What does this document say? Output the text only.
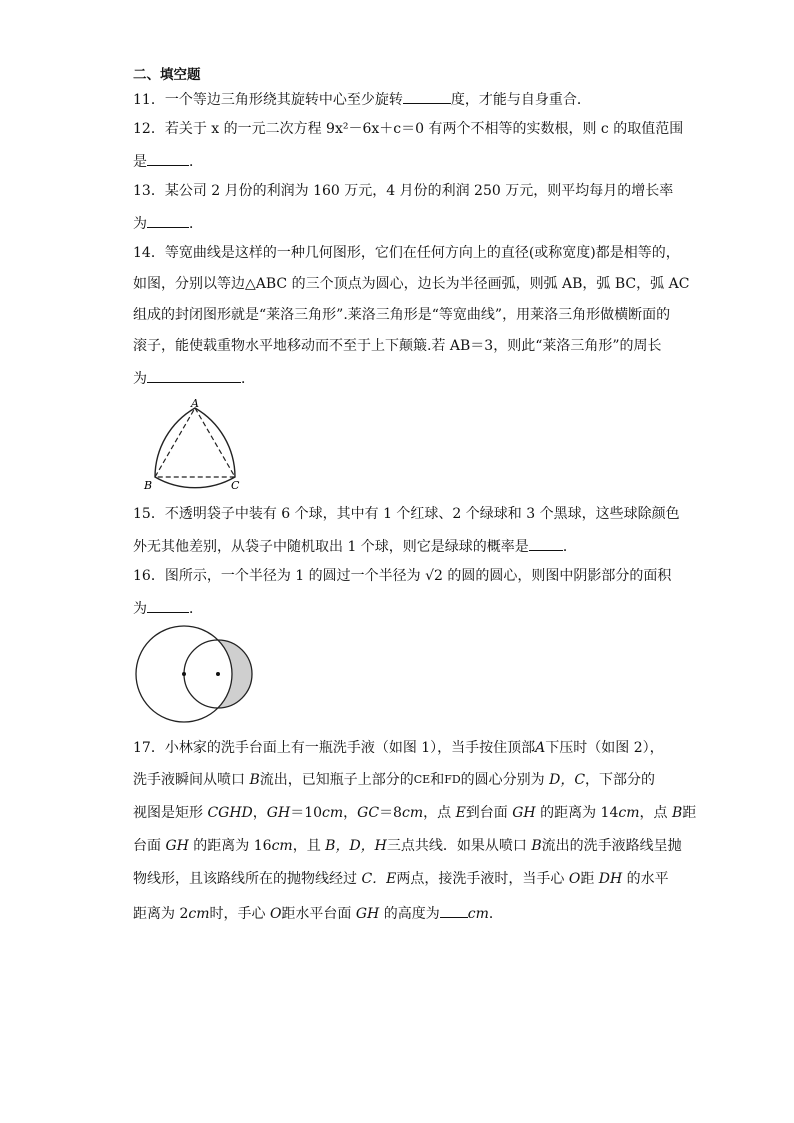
二、填空题
11．一个等边三角形绕其旋转中心至少旋转	度，才能与自身重合．
12．若关于 x 的一元二次方程 9x²－6x＋c＝0 有两个不相等的实数根，则 c 的取值范围
是	．
13．某公司 2 月份的利润为 160 万元，4 月份的利润 250 万元，则平均每月的增长率
为	．
14．等宽曲线是这样的一种几何图形，它们在任何方向上的直径(或称宽度)都是相等的，
如图，分别以等边△ABC 的三个顶点为圆心，边长为半径画弧，则弧 AB，弧 BC，弧 AC
组成的封闭图形就是“莱洛三角形”.莱洛三角形是“等宽曲线”，用莱洛三角形做横断面的
滚子，能使载重物水平地移动而不至于上下颠簸.若 AB＝3，则此“莱洛三角形”的周长
为	．
A
B	C
15．不透明袋子中装有 6 个球，其中有 1 个红球、2 个绿球和 3 个黑球，这些球除颜色
外无其他差别，从袋子中随机取出 1 个球，则它是绿球的概率是 ．
16．图所示，一个半径为 1 的圆过一个半径为 √2 的圆的圆心，则图中阴影部分的面积
为	．
17．小林家的洗手台面上有一瓶洗手液（如图 1），当手按住顶部A下压时（如图 2），
洗手液瞬间从喷口 B流出，已知瓶子上部分的CE和FD的圆心分别为 D，C，下部分的
视图是矩形 CGHD，GH＝10cm，GC＝8cm，点 E到台面 GH 的距离为 14cm，点 B距
台面 GH 的距离为 16cm，且 B，D，H三点共线．如果从喷口 B流出的洗手液路线呈抛
物线形，且该路线所在的抛物线经过 C．E两点，接洗手液时，当手心 O距 DH 的水平
距离为 2cm时，手心 O距水平台面 GH 的高度为 cm．
